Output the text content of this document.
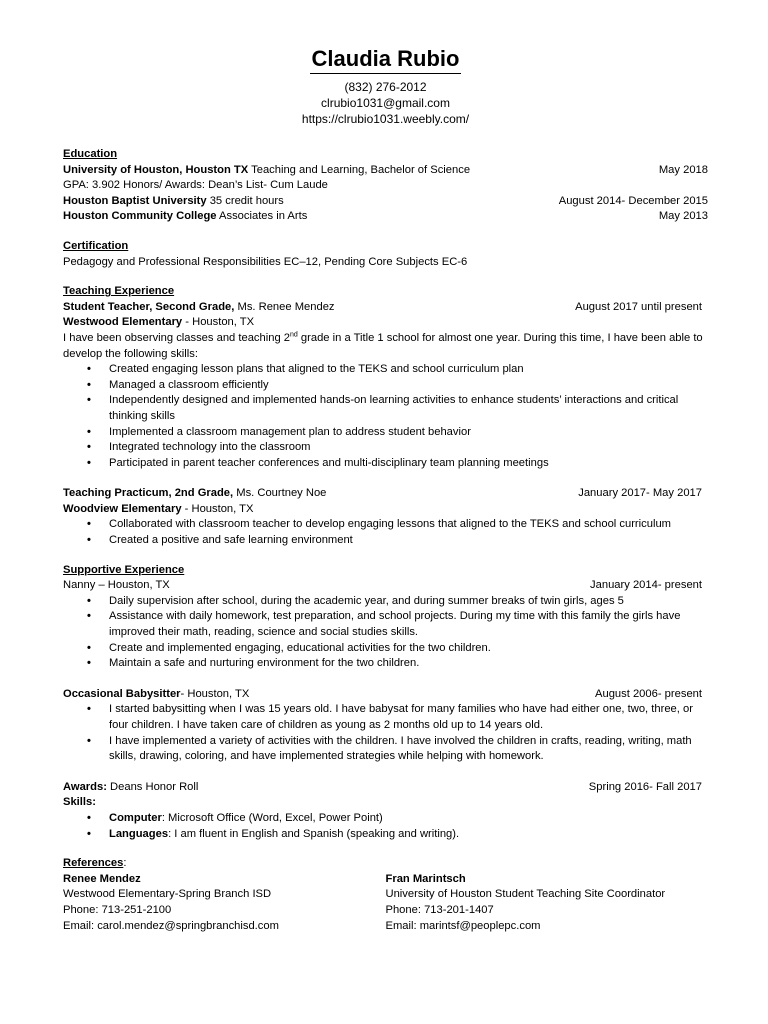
Claudia Rubio
(832) 276-2012
clrubio1031@gmail.com
https://clrubio1031.weebly.com/
Education
University of Houston, Houston TX Teaching and Learning, Bachelor of Science	May 2018
GPA: 3.902 Honors/ Awards: Dean’s List- Cum Laude
Houston Baptist University 35 credit hours	August 2014- December 2015
Houston Community College Associates in Arts	May 2013
Certification
Pedagogy and Professional Responsibilities EC–12, Pending Core Subjects EC-6
Teaching Experience
Student Teacher, Second Grade, Ms. Renee Mendez	August 2017 until present
Westwood Elementary - Houston, TX
I have been observing classes and teaching 2nd grade in a Title 1 school for almost one year. During this time, I have been able to develop the following skills:
• Created engaging lesson plans that aligned to the TEKS and school curriculum plan
• Managed a classroom efficiently
• Independently designed and implemented hands-on learning activities to enhance students’ interactions and critical thinking skills
• Implemented a classroom management plan to address student behavior
• Integrated technology into the classroom
• Participated in parent teacher conferences and multi-disciplinary team planning meetings
Teaching Practicum, 2nd Grade, Ms. Courtney Noe	January 2017- May 2017
Woodview Elementary - Houston, TX
• Collaborated with classroom teacher to develop engaging lessons that aligned to the TEKS and school curriculum
• Created a positive and safe learning environment
Supportive Experience
Nanny – Houston, TX	January 2014- present
• Daily supervision after school, during the academic year, and during summer breaks of twin girls, ages 5
• Assistance with daily homework, test preparation, and school projects. During my time with this family the girls have improved their math, reading, science and social studies skills.
• Create and implemented engaging, educational activities for the two children.
• Maintain a safe and nurturing environment for the two children.
Occasional Babysitter- Houston, TX	August 2006- present
• I started babysitting when I was 15 years old. I have babysat for many families who have had either one, two, three, or four children. I have taken care of children as young as 2 months old up to 14 years old.
• I have implemented a variety of activities with the children. I have involved the children in crafts, reading, writing, math skills, drawing, coloring, and have implemented strategies while helping with homework.
Awards: Deans Honor Roll	Spring 2016- Fall 2017
Skills:
• Computer: Microsoft Office (Word, Excel, Power Point)
• Languages: I am fluent in English and Spanish (speaking and writing).
References:
Renee Mendez
Westwood Elementary-Spring Branch ISD
Phone: 713-251-2100
Email: carol.mendez@springbranchisd.com
Fran Marintsch
University of Houston Student Teaching Site Coordinator
Phone: 713-201-1407
Email: marintsf@peoplepc.com
